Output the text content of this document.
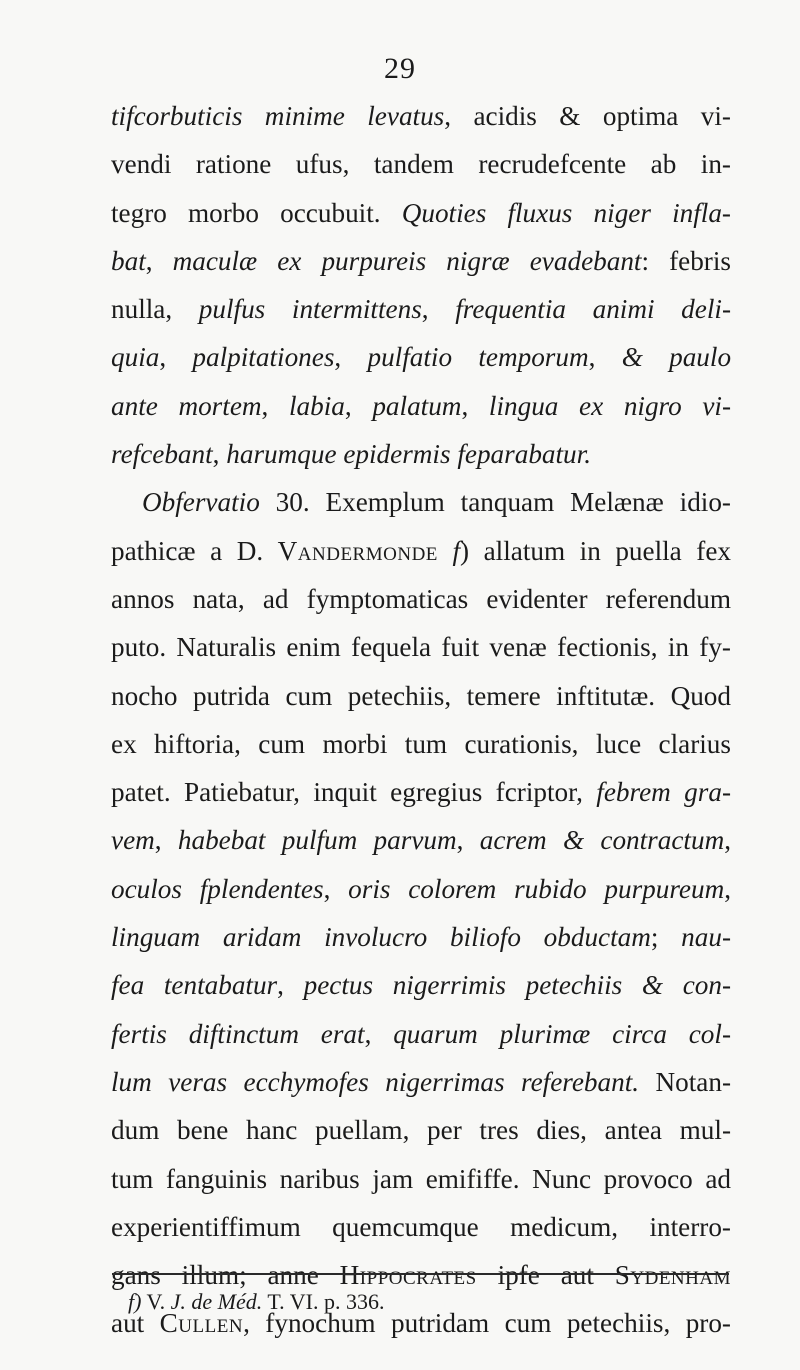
29
tifcorbuticis minime levatus, acidis & optima vi-
vendi ratione ufus, tandem recrudefcente ab in-
tegro morbo occubuit. Quoties fluxus niger infla-
bat, maculæ ex purpureis nigræ evadebant: febris
nulla, pulfus intermittens, frequentia animi deli-
quia, palpitationes, pulfatio temporum, & paulo
ante mortem, labia, palatum, lingua ex nigro vi-
refcebant, harumque epidermis feparabatur.
Obfervatio 30. Exemplum tanquam Melænæ idio-
pathicæ a D. Vandermonde f) allatum in puella fex
annos nata, ad fymptomaticas evidenter referendum
puto. Naturalis enim fequela fuit venæ fectionis, in fy-
nocho putrida cum petechiis, temere inftitutæ. Quod
ex hiftoria, cum morbi tum curationis, luce clarius
patet. Patiebatur, inquit egregius fcriptor, febrem gra-
vem, habebat pulfum parvum, acrem & contractum,
oculos fplendentes, oris colorem rubido purpureum,
linguam aridam involucro biliofo obductam; nau-
fea tentabatur, pectus nigerrimis petechiis & con-
fertis diftinctum erat, quarum plurimæ circa col-
lum veras ecchymofes nigerrimas referebant. Notan-
dum bene hanc puellam, per tres dies, antea mul-
tum fanguinis naribus jam emififfe. Nunc provoco ad
experientiffimum quemcumque medicum, interro-
gans illum; anne Hippocrates ipfe aut Sydenham
aut Cullen, fynochum putridam cum petechiis, pro-
f) V. J. de Méd. T. VI. p. 336.
